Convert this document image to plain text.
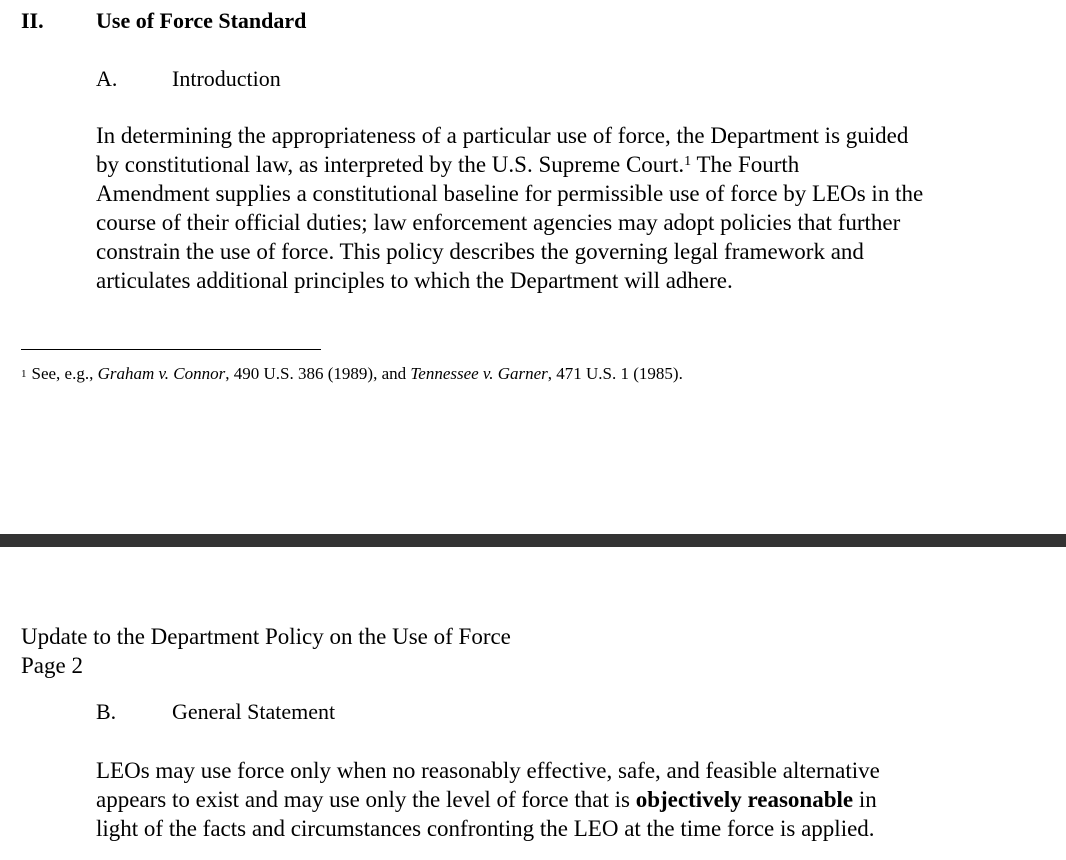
II. Use of Force Standard
A. Introduction
In determining the appropriateness of a particular use of force, the Department is guided
by constitutional law, as interpreted by the U.S. Supreme Court.$^1$ The Fourth
Amendment supplies a constitutional baseline for permissible use of force by LEOs in the
course of their official duties; law enforcement agencies may adopt policies that further
constrain the use of force. This policy describes the governing legal framework and
articulates additional principles to which the Department will adhere.
$^1$ See, e.g., Graham v. Connor, 490 U.S. 386 (1989), and Tennessee v. Garner, 471 U.S. 1 (1985).
Update to the Department Policy on the Use of Force
Page 2
B.	General Statement
LEOs may use force only when no reasonably effective, safe, and feasible alternative
appears to exist and may use only the level of force that is objectively reasonable in
light of the facts and circumstances confronting the LEO at the time force is applied.
